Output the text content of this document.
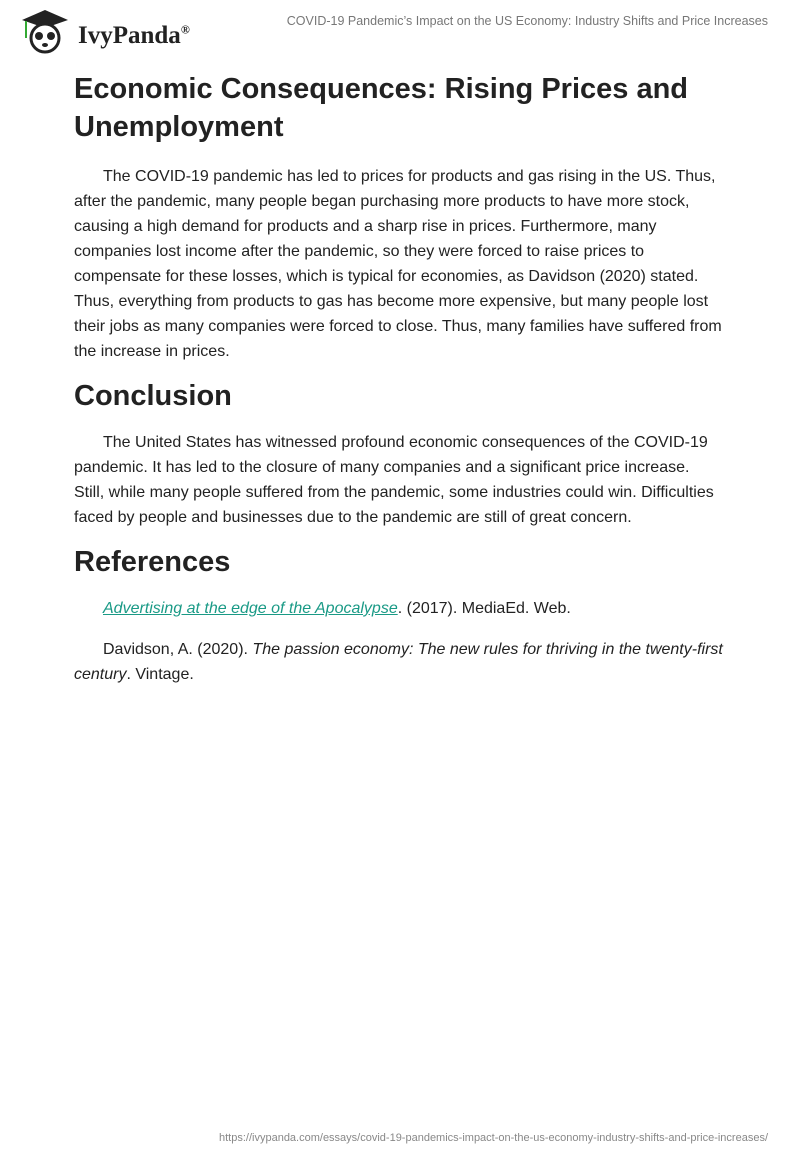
IvyPanda®
COVID-19 Pandemic’s Impact on the US Economy: Industry Shifts and Price Increases
Economic Consequences: Rising Prices and Unemployment

The COVID-19 pandemic has led to prices for products and gas rising in the US. Thus, after the pandemic, many people began purchasing more products to have more stock, causing a high demand for products and a sharp rise in prices. Furthermore, many companies lost income after the pandemic, so they were forced to raise prices to compensate for these losses, which is typical for economies, as Davidson (2020) stated. Thus, everything from products to gas has become more expensive, but many people lost their jobs as many companies were forced to close. Thus, many families have suffered from the increase in prices.

Conclusion

The United States has witnessed profound economic consequences of the COVID-19 pandemic. It has led to the closure of many companies and a significant price increase. Still, while many people suffered from the pandemic, some industries could win. Difficulties faced by people and businesses due to the pandemic are still of great concern.

References

Advertising at the edge of the Apocalypse. (2017). MediaEd. Web.

Davidson, A. (2020). The passion economy: The new rules for thriving in the twenty-first century. Vintage.

https://ivypanda.com/essays/covid-19-pandemics-impact-on-the-us-economy-industry-shifts-and-price-increases/
